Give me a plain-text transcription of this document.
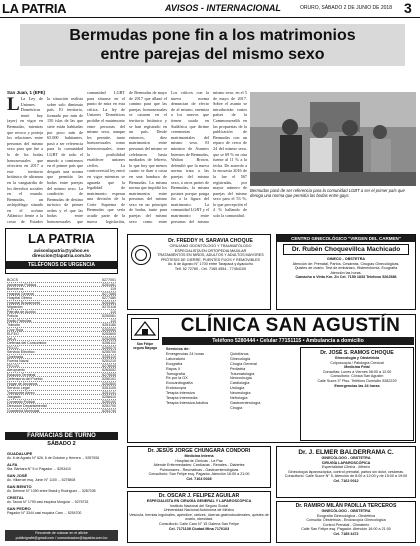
LA PATRIA	AVISOS - INTERNACIONAL	ORURO, SÁBADO 2 DE JUNIO DE 2018 3
Bermudas pone fin a los matrimonios
entre parejas del mismo sexo
San Juan, 1 (EFE)
L La Ley de Uniones Domésticas entró hoy (ayer) en vigor en Bermudas, mientras que revoca y proteja los relaciones entre personas del mismo sexo para que fue a lo de los bodas homosexuales que ofreciera en 2017 a este territorio británico de ultramar en la vanguardia de los derechos sociales en el mundo. Bermudas, un archipiélago situado en el océano Atlántico frente a la costa de Estados
la situación realista sobre solo diminuto país. El territorio, formado por más de 150 islas de las que siete están habitadas por poco más de 65.000 habitantes, pasó a ser referencia para la comunidad LGBT de todo el mundo a comienzos en el primer país que después una norma que permitía las bodas entre parejas del mismo sexo. La condición de Bermudas de destino turístico de primer orden y el que las bodas entre homosexuales que
comunidad LGBT para situarse en el punto de mira en esta crítica. La ley de Uniones Domésticas prohíbe el matrimonio entre personas del mismo sexo, aunque les permite, tanto homosexuales como heterosexuales, tener la posibilidad establecer uniones civiles. La controversial ley entró en vigor mientras se aguarda que la legalidad de matrimonio esperan una decisión de la Corte Suprema de Bermudas que sería acudir parte de la nueva legislación,
de Bermudas de mayo de 2017 que allanó el camino para que las parejas homosexuales se casaran en el territorio británico y se han registrado en un país. Desde entonces, diez matrimonios entre personas del mismo se celebraron hasta mediados de febrero, lo que hoy que menos cuatro se iban a casar en una hondura de Bermudas. La misma norma que impidió los matrimonios entre personas del mismo sexo en un principio de bodas, tanto para parejas del mismo sexo como entre
Los críticos con la nueva norma denuncian de efecto de al mismo, enemiza a los nuevos que tienen usada en Sudáfrica que dirime ceremonias matrimoniales del mismo sexo. El ministro de Asuntos Internos de Bermudas, Walton Brown, defendió que la nueva norma trata a las parejas del mismo sexo, a otros países de Bermudas, la misma postura porque ponga fin a la figura del matrimonio. La comunidad LGBT y el matrimonio entre personas del mismo
mismo sexo, en el 5 de mayo de 2017. Sobre el asunto se introducirán varios países de la Commonwealth en las propuestas de la publicación de Bermudas con un reparo de cerca de 24 del mismo sexo, que se 69 % en otra fuente al 11 % a la fecha. De acuerdo a la encuesta 2016 de la fue el 567 registradas, por mayor número de parejas del mismo sexo para el 53 %, lo que percepción el 4 % hallando de solo la comunidad.
Bermudas pasó de ser referencia para la comunidad LGBT a ser el primer país que deroga una norma que permitía las bodas entre gays.
LA PATRIA
avisoslapatria@yahoo.es
direccion@lapatria.com.bo
TELÉFONOS DE URGENCIA
BCICS	5277001
Asistencia Pública	5251481
Bomberos	119
Hospital General	5277685
Hospital Obrero	5277480
Hospital Bracamonte	5253481
Migración	5270118
Patrulla de Auxilio	110
Policía	5250061
Radio Patrullas	110
Tránsito	5251180
Cruz Roja	5250060
ELFEO	5253600
SeLA	5252006
Defensa del Consumidor	5256112
FELCC	5250070
Servicio Eléctrico	5255700
Quebrada	5255110
Fuerza Naval	5251210
FELCN	5278045
Aeropuerto	5263052
Estación Terminal	5279535
Defensoría del Pueblo	5250101
Hogar de Ancianos	5252800
Servicio Legal	5261105
Transporte Aéreo	5251141
Juzgado	5258410
Comando Policial	5250100
Dirección Departamental	5251700
Guardería Municipal	5253740
FARMACIAS DE TURNO
SÁBADO 2
GUADALUPE
Av. 6 de Agosto N° 626, 6 de Octubre y Herrera ... 5257006
ALFA
Sta. Bárbara N° 5 c/ Pagador ... 5253410
SAN JOSÉ
Av. Villarroel esq. Junín N° 1100 ... 5275808
SAN BENITO
Av. Dehene N° 1390 entre Brasil y Rodríguez ... 5287035
CRISTAL
Av. Tacna N° 1790 casi esquina Murguía ... 5276733
SAN PEDRO
Pagador N° 3344 casi esquina Caro ... 5254700
Recuerde de colocar en el afiche
publicigrafrt@gmail.com / comunicacion@lapatria.com.bo
Dr. FREDDY H. SARAVIA CHOQUE
CIRUJANO ODONTÓLOGO Y TRAUMATÓLOGO
ESPECIALISTA EN ORTOPEDIA MAXILAR
TRATAMIENTOS EN NIÑOS, ADULTOS Y ADULTOS MAYORES
PRÓTESIS DE CIERRE, PUENTES FIJOS Y REMOVIBLES
Av. 6 de Agosto N° 1700 entre Tarapacá y Ayacucho
Telf. 52 72780 - Cel. 7165 4554 - 77454100
CENTRO GINECOLÓGICO "VIRGEN DEL CARMEN"
Dr. Rubén Choquevillca Machicado
GINECO - OBSTETRA
Atención de: Prenatal, Partos, Cesáreas, Cirugías Ginecológicas,
Quistes de ovario, Test de embarazo, Histerectomía, Ecografía
Atención las horas.
Camacho a Vinto Km. Zn Cel. 7159 1833 Telefono 5262586
San Felipe segura Mayaga
CLÍNICA SAN AGUSTÍN
Teléfono 5280444 • Celular 77151115 • Ambulancia a domicilio
Servicios de:
Emergencias 24 horas
Laboratorio
Ecografía
Rayos X
Tomografía
Rx por la OX
Ecocardiografía
Endoscopía
Terapia Intensiva
Terapia Intermedia
Terapia Intensiva Adultos

Quirófanos
Ginecología
Cirugía General
Pediatría
Traumatología
Neurocirugía
Cardiología
Urología
Neumología
Nefrología
Gastroenterología
Cirugía
Dr. JOSÉ S. RAMOS CHOQUE
Ginecología y Obstetricia
Colposcopía / Patología Cervical
Medicina Fetal
Consultas: Lunes a Viernes 08:00 a 12:00
Consultorio: Clínica San Agustín
Calle Sucre 3° Piso. Teléfono Domicilio 5282229
Emergencias las 24 horas
Dr. JESÚS JORGE CHUNGARA CONDORI
Medicina Interna
Hospital de Clínicas - La Paz
Atiende Enfermedades: Cardíacas - Renales - Diabetes
Pulmonares - Reumáticas - Gastroenterológicas
Consultorio: San Felipe esq. Pagador, Atención 16:00 a 21:00
Cel. 7164 0028
Dr. OSCAR J. FELIPEZ AGUILAR
ESPECIALISTA EN CIRUGÍA GENERAL Y LAPAROSCÓPICA
Instituto Nacional del Seguro Social
Universidad Nacional Autónoma de México
Vesícula, hernias inguinales, apéndice, várices, úlceras gastroduodenales, quistes de ovario, obesidad.
Consultorio: Calle Caro N° 15 Galería San Felipe
Cel. 7171108 Ciudad Mina 7176103
Dr. J. ELMER BALDERRAMA C.
GINECÓLOGO - OBSTETRA
CIRUGÍA LAPAROSCÓPICA
Especialidad Clínica - México
Ginecología laparoscópica, control prenatal, partos sin dolor, cesáreas.
Consultorio: Calle Sucre N° 5, Atención de 8:00 a 12:00 y de 15:00 a 19:00
Cel. 7162 0012
Dr. RAMIRO MILÁN PADILLA TERCEROS
GINECÓLOGO - OBSTETRA
Ecografía Ginecológica - Obstétrica
Consulta: Obstetricia - Endoscopía Ginecológica
Control Prenatal - Climaterio
Calle San Felipe esq. Pagador. Atención 16:00 a 21:00
Cel. 7185 4472
